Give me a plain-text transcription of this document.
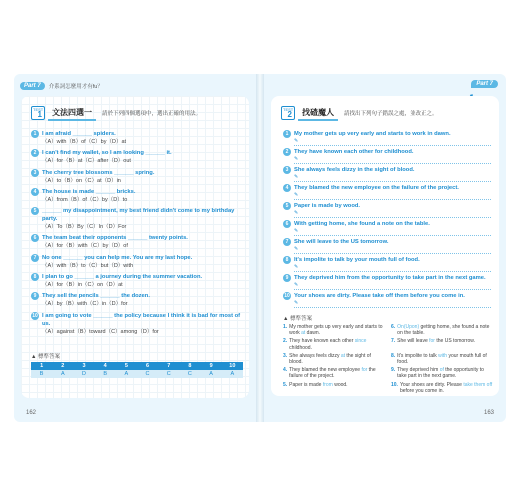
Part 7	介系詞怎麼用才有fu？
TEST
1	文法四選一	請於下列四個選項中，選出正確的用法。
1 I am afraid ______ spiders.
（A）with（B）of（C）by（D）at
2 I can't find my wallet, so I am looking ______ it.
（A）for（B）at（C）after（D）out
3 The cherry tree blossoms ______ spring.
（A）to（B）on（C）at（D）in
4 The house is made ______ bricks.
（A）from（B）of（C）by（D）to
5 ______ my disappointment, my best friend didn't come to my birthday party.
（A）To（B）By（C）In（D）For
6 The team beat their opponents ______ twenty points.
（A）for（B）with（C）by（D）of
7 No one ______ you can help me. You are my last hope.
（A）with（B）to（C）but（D）with
8 I plan to go ______ a journey during the summer vacation.
（A）for（B）in（C）on（D）at
9 They sell the pencils ______ the dozen.
（A）by（B）with（C）in（D）for
10 I am going to vote ______ the policy because I think it is bad for most of us.
（A）against（B）toward（C）among（D）for
▲ 標準答案
1	2	3	4	5	6	7	8	9	10
B	A	D	B	A	C	C	C	A	A
162
Part 7
TEST
2	找碴魔人	請找出下列句子錯誤之處，並改正之。
1 My mother gets up very early and starts to work in dawn.
✎
2 They have known each other for childhood.
✎
3 She always feels dizzy in the sight of blood.
✎
4 They blamed the new employee on the failure of the project.
✎
5 Paper is made by wood.
✎
6 With getting home, she found a note on the table.
✎
7 She will leave to the US tomorrow.
✎
8 It's impolite to talk by your mouth full of food.
✎
9 They deprived him from the opportunity to take part in the next game.
✎
10 Your shoes are dirty. Please take off them before you come in.
✎
▲ 標準答案
1. My mother gets up very early and starts to work at dawn.
6. On(Upon) getting home, she found a note on the table.
2. They have known each other since childhood.
7. She will leave for the US tomorrow.
3. She always feels dizzy at the sight of blood.
8. It's impolite to talk with your mouth full of food.
4. They blamed the new employee for the failure of the project.
9. They deprived him of the opportunity to take part in the next game.
5. Paper is made from wood.	10. Your shoes are dirty. Please take them off before you come in.
163
